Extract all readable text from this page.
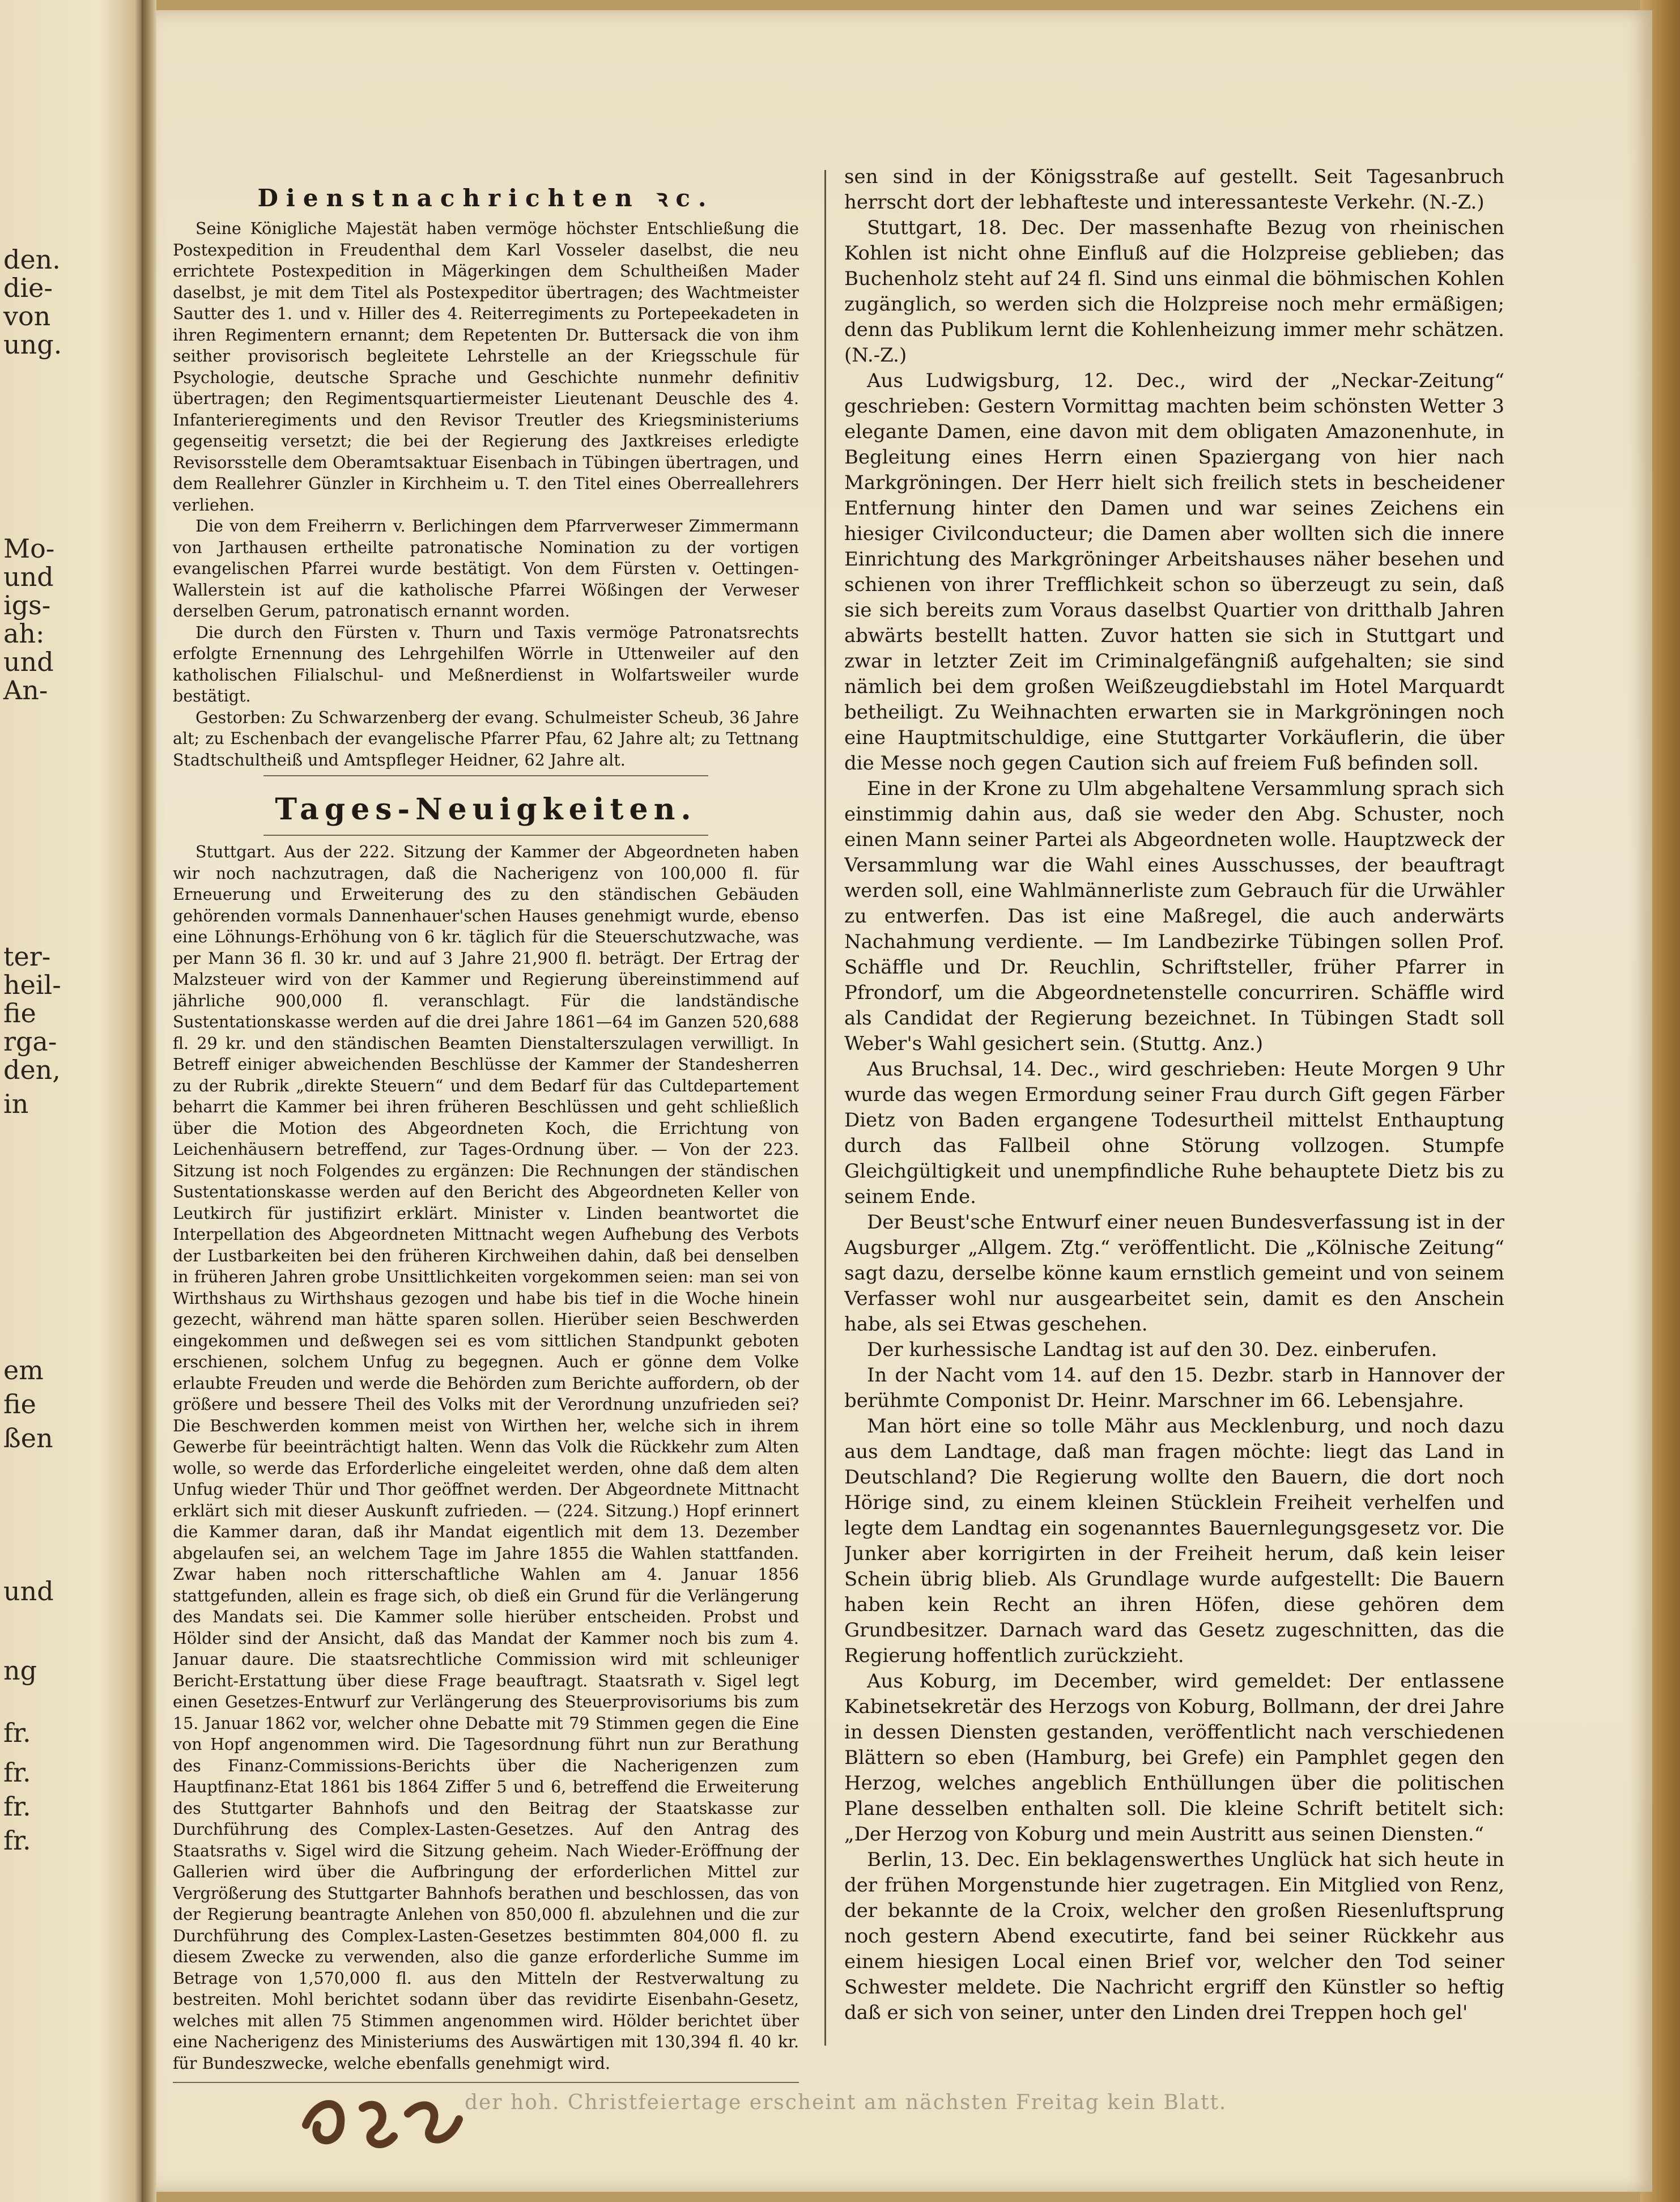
den.
die-
von
ung.
Mo-
und
igs-
ah:
und
An-
ter-
heil-
fie
rga-
den,
in
em
fie
ßen
und
ng
fr.
fr.
fr.
fr.
Dienstnachrichten ꝛc.

Seine Königliche Majestät haben vermöge höchster Entschließung die Postexpedition in Freudenthal dem Karl Vosseler daselbst, die neu errichtete Postexpedition in Mägerkingen dem Schultheißen Mader daselbst, je mit dem Titel als Postexpeditor übertragen; des Wachtmeister Sautter des 1. und v. Hiller des 4. Reiterregiments zu Portepeekadeten in ihren Regimentern ernannt; dem Repetenten Dr. Buttersack die von ihm seither provisorisch begleitete Lehrstelle an der Kriegsschule für Psychologie, deutsche Sprache und Geschichte nunmehr definitiv übertragen; den Regimentsquartiermeister Lieutenant Deuschle des 4. Infanterieregiments und den Revisor Treutler des Kriegsministeriums gegenseitig versetzt; die bei der Regierung des Jaxtkreises erledigte Revisorsstelle dem Oberamtsaktuar Eisenbach in Tübingen übertragen, und dem Reallehrer Günzler in Kirchheim u. T. den Titel eines Oberreallehrers verliehen.

Die von dem Freiherrn v. Berlichingen dem Pfarrverweser Zimmermann von Jarthausen ertheilte patronatische Nomination zu der vortigen evangelischen Pfarrei wurde bestätigt. Von dem Fürsten v. Oettingen-Wallerstein ist auf die katholische Pfarrei Wößingen der Verweser derselben Gerum, patronatisch ernannt worden.

Die durch den Fürsten v. Thurn und Taxis vermöge Patronatsrechts erfolgte Ernennung des Lehrgehilfen Wörrle in Uttenweiler auf den katholischen Filialschul- und Meßnerdienst in Wolfartsweiler wurde bestätigt.

Gestorben: Zu Schwarzenberg der evang. Schulmeister Scheub, 36 Jahre alt; zu Eschenbach der evangelische Pfarrer Pfau, 62 Jahre alt; zu Tettnang Stadtschultheiß und Amtspfleger Heidner, 62 Jahre alt.

Tages-Neuigkeiten.

Stuttgart. Aus der 222. Sitzung der Kammer der Abgeordneten haben wir noch nachzutragen, daß die Nacherigenz von 100,000 fl. für Erneuerung und Erweiterung des zu den ständischen Gebäuden gehörenden vormals Dannenhauer'schen Hauses genehmigt wurde, ebenso eine Löhnungs-Erhöhung von 6 kr. täglich für die Steuerschutzwache, was per Mann 36 fl. 30 kr. und auf 3 Jahre 21,900 fl. beträgt. Der Ertrag der Malzsteuer wird von der Kammer und Regierung übereinstimmend auf jährliche 900,000 fl. veranschlagt. Für die landständische Sustentationskasse werden auf die drei Jahre 1861—64 im Ganzen 520,688 fl. 29 kr. und den ständischen Beamten Dienstalterszulagen verwilligt. In Betreff einiger abweichenden Beschlüsse der Kammer der Standesherren zu der Rubrik „direkte Steuern“ und dem Bedarf für das Cultdepartement beharrt die Kammer bei ihren früheren Beschlüssen und geht schließlich über die Motion des Abgeordneten Koch, die Errichtung von Leichenhäusern betreffend, zur Tages-Ordnung über. — Von der 223. Sitzung ist noch Folgendes zu ergänzen: Die Rechnungen der ständischen Sustentationskasse werden auf den Bericht des Abgeordneten Keller von Leutkirch für justifizirt erklärt. Minister v. Linden beantwortet die Interpellation des Abgeordneten Mittnacht wegen Aufhebung des Verbots der Lustbarkeiten bei den früheren Kirchweihen dahin, daß bei denselben in früheren Jahren grobe Unsittlichkeiten vorgekommen seien: man sei von Wirthshaus zu Wirthshaus gezogen und habe bis tief in die Woche hinein gezecht, während man hätte sparen sollen. Hierüber seien Beschwerden eingekommen und deßwegen sei es vom sittlichen Standpunkt geboten erschienen, solchem Unfug zu begegnen. Auch er gönne dem Volke erlaubte Freuden und werde die Behörden zum Berichte auffordern, ob der größere und bessere Theil des Volks mit der Verordnung unzufrieden sei? Die Beschwerden kommen meist von Wirthen her, welche sich in ihrem Gewerbe für beeinträchtigt halten. Wenn das Volk die Rückkehr zum Alten wolle, so werde das Erforderliche eingeleitet werden, ohne daß dem alten Unfug wieder Thür und Thor geöffnet werden. Der Abgeordnete Mittnacht erklärt sich mit dieser Auskunft zufrieden. — (224. Sitzung.) Hopf erinnert die Kammer daran, daß ihr Mandat eigentlich mit dem 13. Dezember abgelaufen sei, an welchem Tage im Jahre 1855 die Wahlen stattfanden. Zwar haben noch ritterschaftliche Wahlen am 4. Januar 1856 stattgefunden, allein es frage sich, ob dieß ein Grund für die Verlängerung des Mandats sei. Die Kammer solle hierüber entscheiden. Probst und Hölder sind der Ansicht, daß das Mandat der Kammer noch bis zum 4. Januar daure. Die staatsrechtliche Commission wird mit schleuniger Bericht-Erstattung über diese Frage beauftragt. Staatsrath v. Sigel legt einen Gesetzes-Entwurf zur Verlängerung des Steuerprovisoriums bis zum 15. Januar 1862 vor, welcher ohne Debatte mit 79 Stimmen gegen die Eine von Hopf angenommen wird. Die Tagesordnung führt nun zur Berathung des Finanz-Commissions-Berichts über die Nacherigenzen zum Hauptfinanz-Etat 1861 bis 1864 Ziffer 5 und 6, betreffend die Erweiterung des Stuttgarter Bahnhofs und den Beitrag der Staatskasse zur Durchführung des Complex-Lasten-Gesetzes. Auf den Antrag des Staatsraths v. Sigel wird die Sitzung geheim. Nach Wieder-Eröffnung der Gallerien wird über die Aufbringung der erforderlichen Mittel zur Vergrößerung des Stuttgarter Bahnhofs berathen und beschlossen, das von der Regierung beantragte Anlehen von 850,000 fl. abzulehnen und die zur Durchführung des Complex-Lasten-Gesetzes bestimmten 804,000 fl. zu diesem Zwecke zu verwenden, also die ganze erforderliche Summe im Betrage von 1,570,000 fl. aus den Mitteln der Restverwaltung zu bestreiten. Mohl berichtet sodann über das revidirte Eisenbahn-Gesetz, welches mit allen 75 Stimmen angenommen wird. Hölder berichtet über eine Nacherigenz des Ministeriums des Auswärtigen mit 130,394 fl. 40 kr. für Bundeszwecke, welche ebenfalls genehmigt wird.

sen sind in der Königsstraße auf gestellt. Seit Tagesanbruch herrscht dort der lebhafteste und interessanteste Verkehr. (N.-Z.)

Stuttgart, 18. Dec. Der massenhafte Bezug von rheinischen Kohlen ist nicht ohne Einfluß auf die Holzpreise geblieben; das Buchenholz steht auf 24 fl. Sind uns einmal die böhmischen Kohlen zugänglich, so werden sich die Holzpreise noch mehr ermäßigen; denn das Publikum lernt die Kohlenheizung immer mehr schätzen. (N.-Z.)

Aus Ludwigsburg, 12. Dec., wird der „Neckar-Zeitung“ geschrieben: Gestern Vormittag machten beim schönsten Wetter 3 elegante Damen, eine davon mit dem obligaten Amazonenhute, in Begleitung eines Herrn einen Spaziergang von hier nach Markgröningen. Der Herr hielt sich freilich stets in bescheidener Entfernung hinter den Damen und war seines Zeichens ein hiesiger Civilconducteur; die Damen aber wollten sich die innere Einrichtung des Markgröninger Arbeitshauses näher besehen und schienen von ihrer Trefflichkeit schon so überzeugt zu sein, daß sie sich bereits zum Voraus daselbst Quartier von dritthalb Jahren abwärts bestellt hatten. Zuvor hatten sie sich in Stuttgart und zwar in letzter Zeit im Criminalgefängniß aufgehalten; sie sind nämlich bei dem großen Weißzeugdiebstahl im Hotel Marquardt betheiligt. Zu Weihnachten erwarten sie in Markgröningen noch eine Hauptmitschuldige, eine Stuttgarter Vorkäuflerin, die über die Messe noch gegen Caution sich auf freiem Fuß befinden soll.

Eine in der Krone zu Ulm abgehaltene Versammlung sprach sich einstimmig dahin aus, daß sie weder den Abg. Schuster, noch einen Mann seiner Partei als Abgeordneten wolle. Hauptzweck der Versammlung war die Wahl eines Ausschusses, der beauftragt werden soll, eine Wahlmännerliste zum Gebrauch für die Urwähler zu entwerfen. Das ist eine Maßregel, die auch anderwärts Nachahmung verdiente. — Im Landbezirke Tübingen sollen Prof. Schäffle und Dr. Reuchlin, Schriftsteller, früher Pfarrer in Pfrondorf, um die Abgeordnetenstelle concurriren. Schäffle wird als Candidat der Regierung bezeichnet. In Tübingen Stadt soll Weber's Wahl gesichert sein. (Stuttg. Anz.)

Aus Bruchsal, 14. Dec., wird geschrieben: Heute Morgen 9 Uhr wurde das wegen Ermordung seiner Frau durch Gift gegen Färber Dietz von Baden ergangene Todesurtheil mittelst Enthauptung durch das Fallbeil ohne Störung vollzogen. Stumpfe Gleichgültigkeit und unempfindliche Ruhe behauptete Dietz bis zu seinem Ende.

Der Beust'sche Entwurf einer neuen Bundesverfassung ist in der Augsburger „Allgem. Ztg.“ veröffentlicht. Die „Kölnische Zeitung“ sagt dazu, derselbe könne kaum ernstlich gemeint und von seinem Verfasser wohl nur ausgearbeitet sein, damit es den Anschein habe, als sei Etwas geschehen.

Der kurhessische Landtag ist auf den 30. Dez. einberufen.

In der Nacht vom 14. auf den 15. Dezbr. starb in Hannover der berühmte Componist Dr. Heinr. Marschner im 66. Lebensjahre.

Man hört eine so tolle Mähr aus Mecklenburg, und noch dazu aus dem Landtage, daß man fragen möchte: liegt das Land in Deutschland? Die Regierung wollte den Bauern, die dort noch Hörige sind, zu einem kleinen Stücklein Freiheit verhelfen und legte dem Landtag ein sogenanntes Bauernlegungsgesetz vor. Die Junker aber korrigirten in der Freiheit herum, daß kein leiser Schein übrig blieb. Als Grundlage wurde aufgestellt: Die Bauern haben kein Recht an ihren Höfen, diese gehören dem Grundbesitzer. Darnach ward das Gesetz zugeschnitten, das die Regierung hoffentlich zurückzieht.

Aus Koburg, im December, wird gemeldet: Der entlassene Kabinetsekretär des Herzogs von Koburg, Bollmann, der drei Jahre in dessen Diensten gestanden, veröffentlicht nach verschiedenen Blättern so eben (Hamburg, bei Grefe) ein Pamphlet gegen den Herzog, welches angeblich Enthüllungen über die politischen Plane desselben enthalten soll. Die kleine Schrift betitelt sich: „Der Herzog von Koburg und mein Austritt aus seinen Diensten.“

Berlin, 13. Dec. Ein beklagenswerthes Unglück hat sich heute in der frühen Morgenstunde hier zugetragen. Ein Mitglied von Renz, der bekannte de la Croix, welcher den großen Riesenluftsprung noch gestern Abend executirte, fand bei seiner Rückkehr aus einem hiesigen Local einen Brief vor, welcher den Tod seiner Schwester meldete. Die Nachricht ergriff den Künstler so heftig daß er sich von seiner, unter den Linden drei Treppen hoch gel'

der hoh. Christfeiertage erscheint am nächsten Freitag kein Blatt.
